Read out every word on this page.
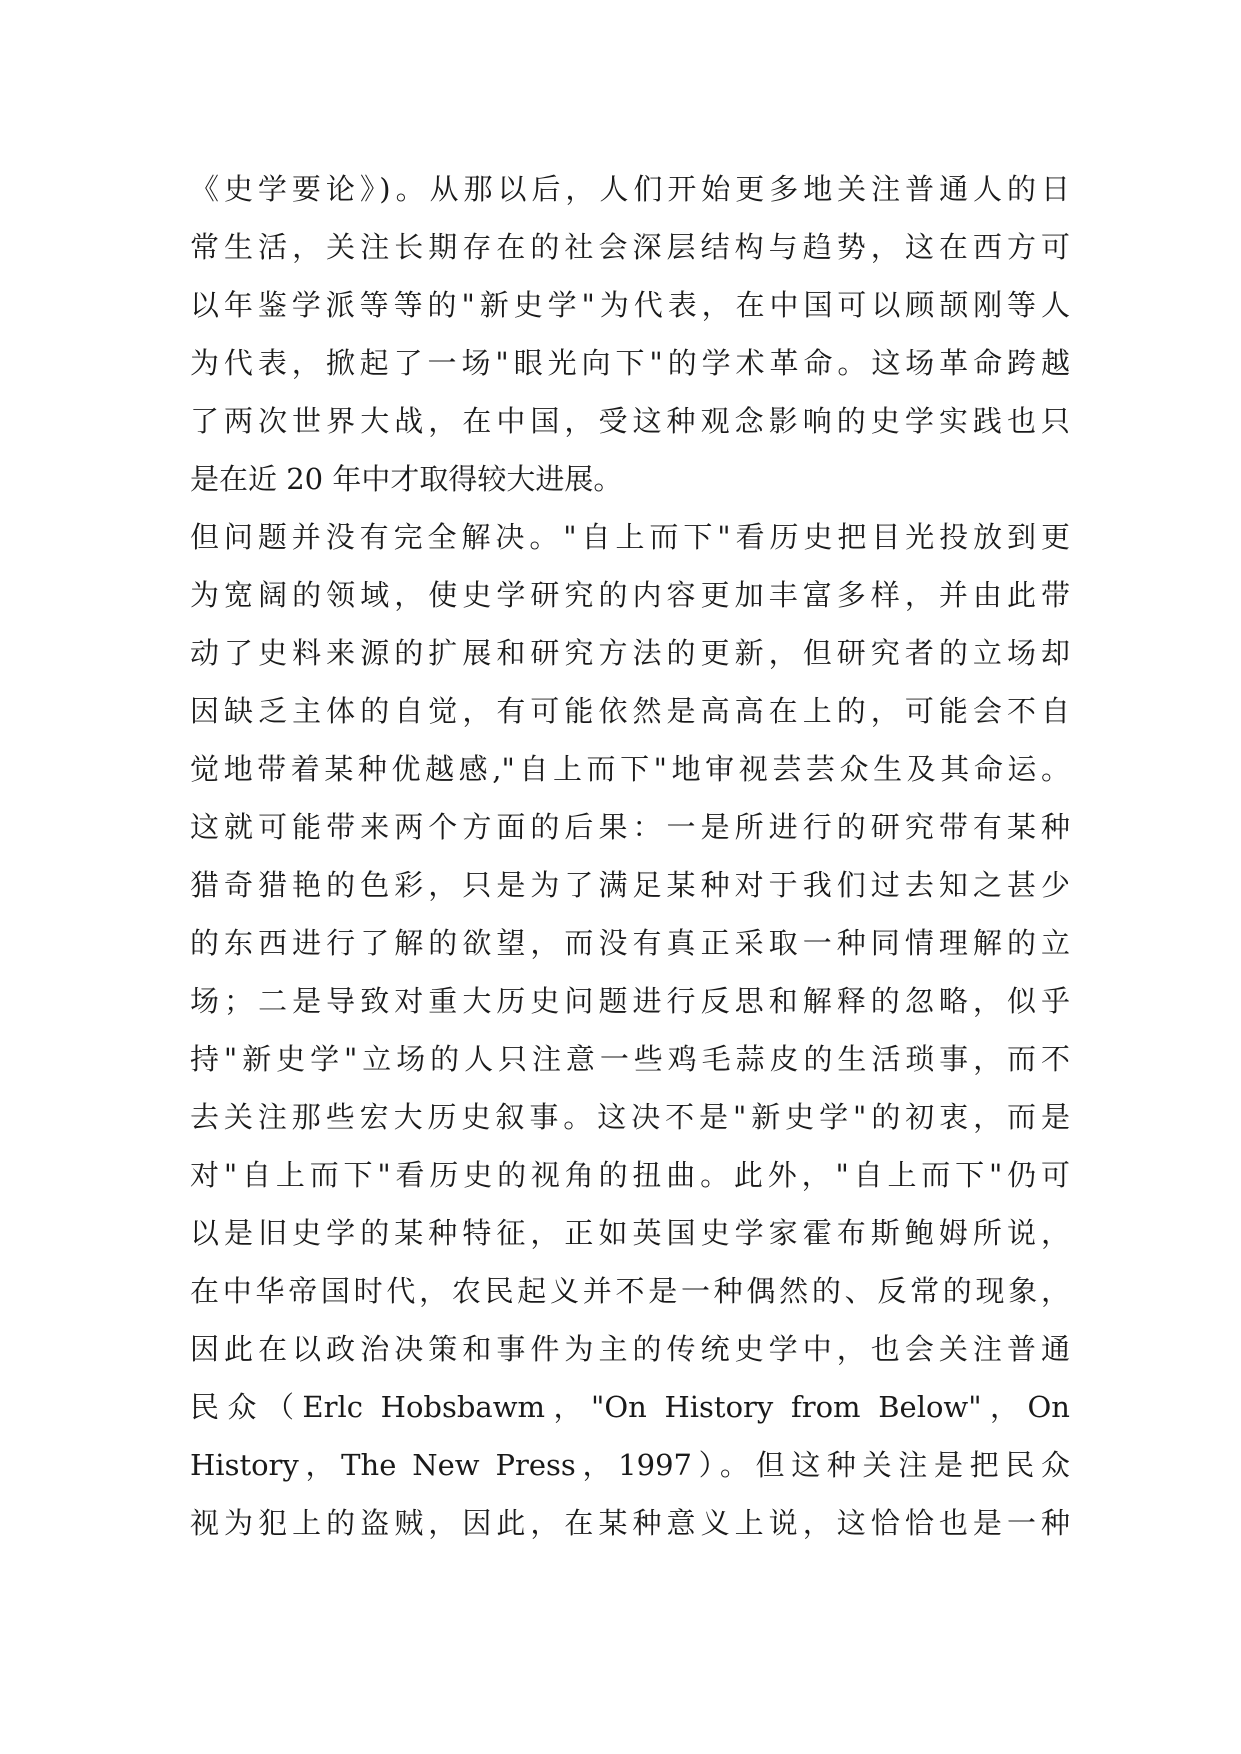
《史学要论》)。从那以后，人们开始更多地关注普通人的日
常生活，关注长期存在的社会深层结构与趋势，这在西方可
以年鉴学派等等的"新史学"为代表，在中国可以顾颉刚等人
为代表，掀起了一场"眼光向下"的学术革命。这场革命跨越
了两次世界大战，在中国，受这种观念影响的史学实践也只
是在近 20 年中才取得较大进展。
但问题并没有完全解决。"自上而下"看历史把目光投放到更
为宽阔的领域，使史学研究的内容更加丰富多样，并由此带
动了史料来源的扩展和研究方法的更新，但研究者的立场却
因缺乏主体的自觉，有可能依然是高高在上的，可能会不自
觉地带着某种优越感,"自上而下"地审视芸芸众生及其命运。
这就可能带来两个方面的后果：一是所进行的研究带有某种
猎奇猎艳的色彩，只是为了满足某种对于我们过去知之甚少
的东西进行了解的欲望，而没有真正采取一种同情理解的立
场；二是导致对重大历史问题进行反思和解释的忽略，似乎
持"新史学"立场的人只注意一些鸡毛蒜皮的生活琐事，而不
去关注那些宏大历史叙事。这决不是"新史学"的初衷，而是
对"自上而下"看历史的视角的扭曲。此外，"自上而下"仍可
以是旧史学的某种特征，正如英国史学家霍布斯鲍姆所说，
在中华帝国时代，农民起义并不是一种偶然的、反常的现象，
因此在以政治决策和事件为主的传统史学中，也会关注普通
民众（Erlc Hobsbawm，"On History from Below"，On
History，The New Press，1997）。但这种关注是把民众
视为犯上的盗贼，因此，在某种意义上说，这恰恰也是一种
